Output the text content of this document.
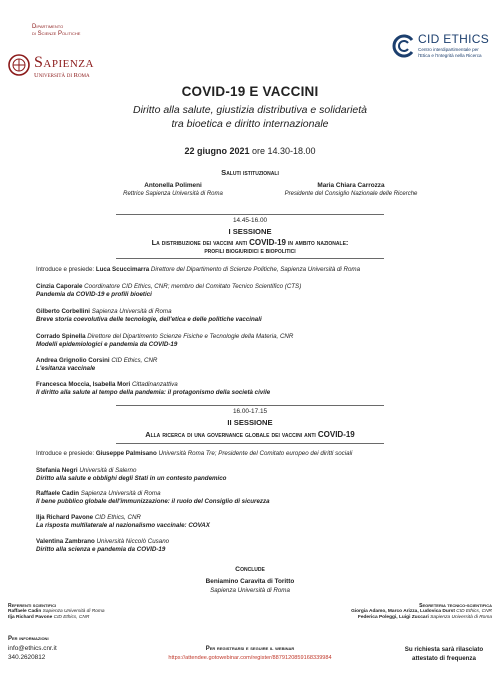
Dipartimento
di Scienze Politiche
Sapienza
Università di Roma
CID ETHICS
Centro interdipartimentale per
l'Etica e l'Integrità nella Ricerca
COVID-19 E VACCINI
Diritto alla salute, giustizia distributiva e solidarietà
tra bioetica e diritto internazionale
22 giugno 2021 ore 14.30-18.00
Saluti istituzionali
Antonella Polimeni
Rettrice Sapienza Università di Roma
Maria Chiara Carrozza
Presidente del Consiglio Nazionale delle Ricerche
14.45-16.00
I SESSIONE
La distribuzione dei vaccini anti COVID-19 in ambito nazionale:
profili biogiuridici e biopolitici
Introduce e presiede: Luca Scuccimarra Direttore del Dipartimento di Scienze Politiche, Sapienza Università di Roma
Cinzia Caporale Coordinatore CID Ethics, CNR; membro del Comitato Tecnico Scientifico (CTS)
Pandemia da COVID-19 e profili bioetici
Gilberto Corbellini Sapienza Università di Roma
Breve storia coevolutiva delle tecnologie, dell'etica e delle politiche vaccinali
Corrado Spinella Direttore del Dipartimento Scienze Fisiche e Tecnologie della Materia, CNR
Modelli epidemiologici e pandemia da COVID-19
Andrea Grignolio Corsini CID Ethics, CNR
L'esitanza vaccinale
Francesca Moccia, Isabella Mori Cittadinanzattiva
Il diritto alla salute al tempo della pandemia: il protagonismo della società civile
16.00-17.15
II SESSIONE
Alla ricerca di una governance globale dei vaccini anti COVID-19
Introduce e presiede: Giuseppe Palmisano Università Roma Tre; Presidente del Comitato europeo dei diritti sociali
Stefania Negri Università di Salerno
Diritto alla salute e obblighi degli Stati in un contesto pandemico
Raffaele Cadin Sapienza Università di Roma
Il bene pubblico globale dell'immunizzazione: il ruolo del Consiglio di sicurezza
Ilja Richard Pavone CID Ethics, CNR
La risposta multilaterale al nazionalismo vaccinale: COVAX
Valentina Zambrano Università Niccolò Cusano
Diritto alla scienza e pandemia da COVID-19
Conclude
Beniamino Caravita di Toritto
Sapienza Università di Roma
Referenti scientifici
Raffaele Cadin Sapienza Università di Roma
Ilja Richard Pavone CID Ethics, CNR
Segreteria tecnico-scientifica
Giorgia Adamo, Marco Arizza, Ludovica Durst CID Ethics, CNR
Federica Poleggi, Luigi Zuccari Sapienza Università di Roma
Per informazioni
info@ethics.cnr.it
340.2620812
Per registrarsi e seguire il webinar
https://attendee.gotowebinar.com/register/8879120859168339984
Su richiesta sarà rilasciato
attestato di frequenza
